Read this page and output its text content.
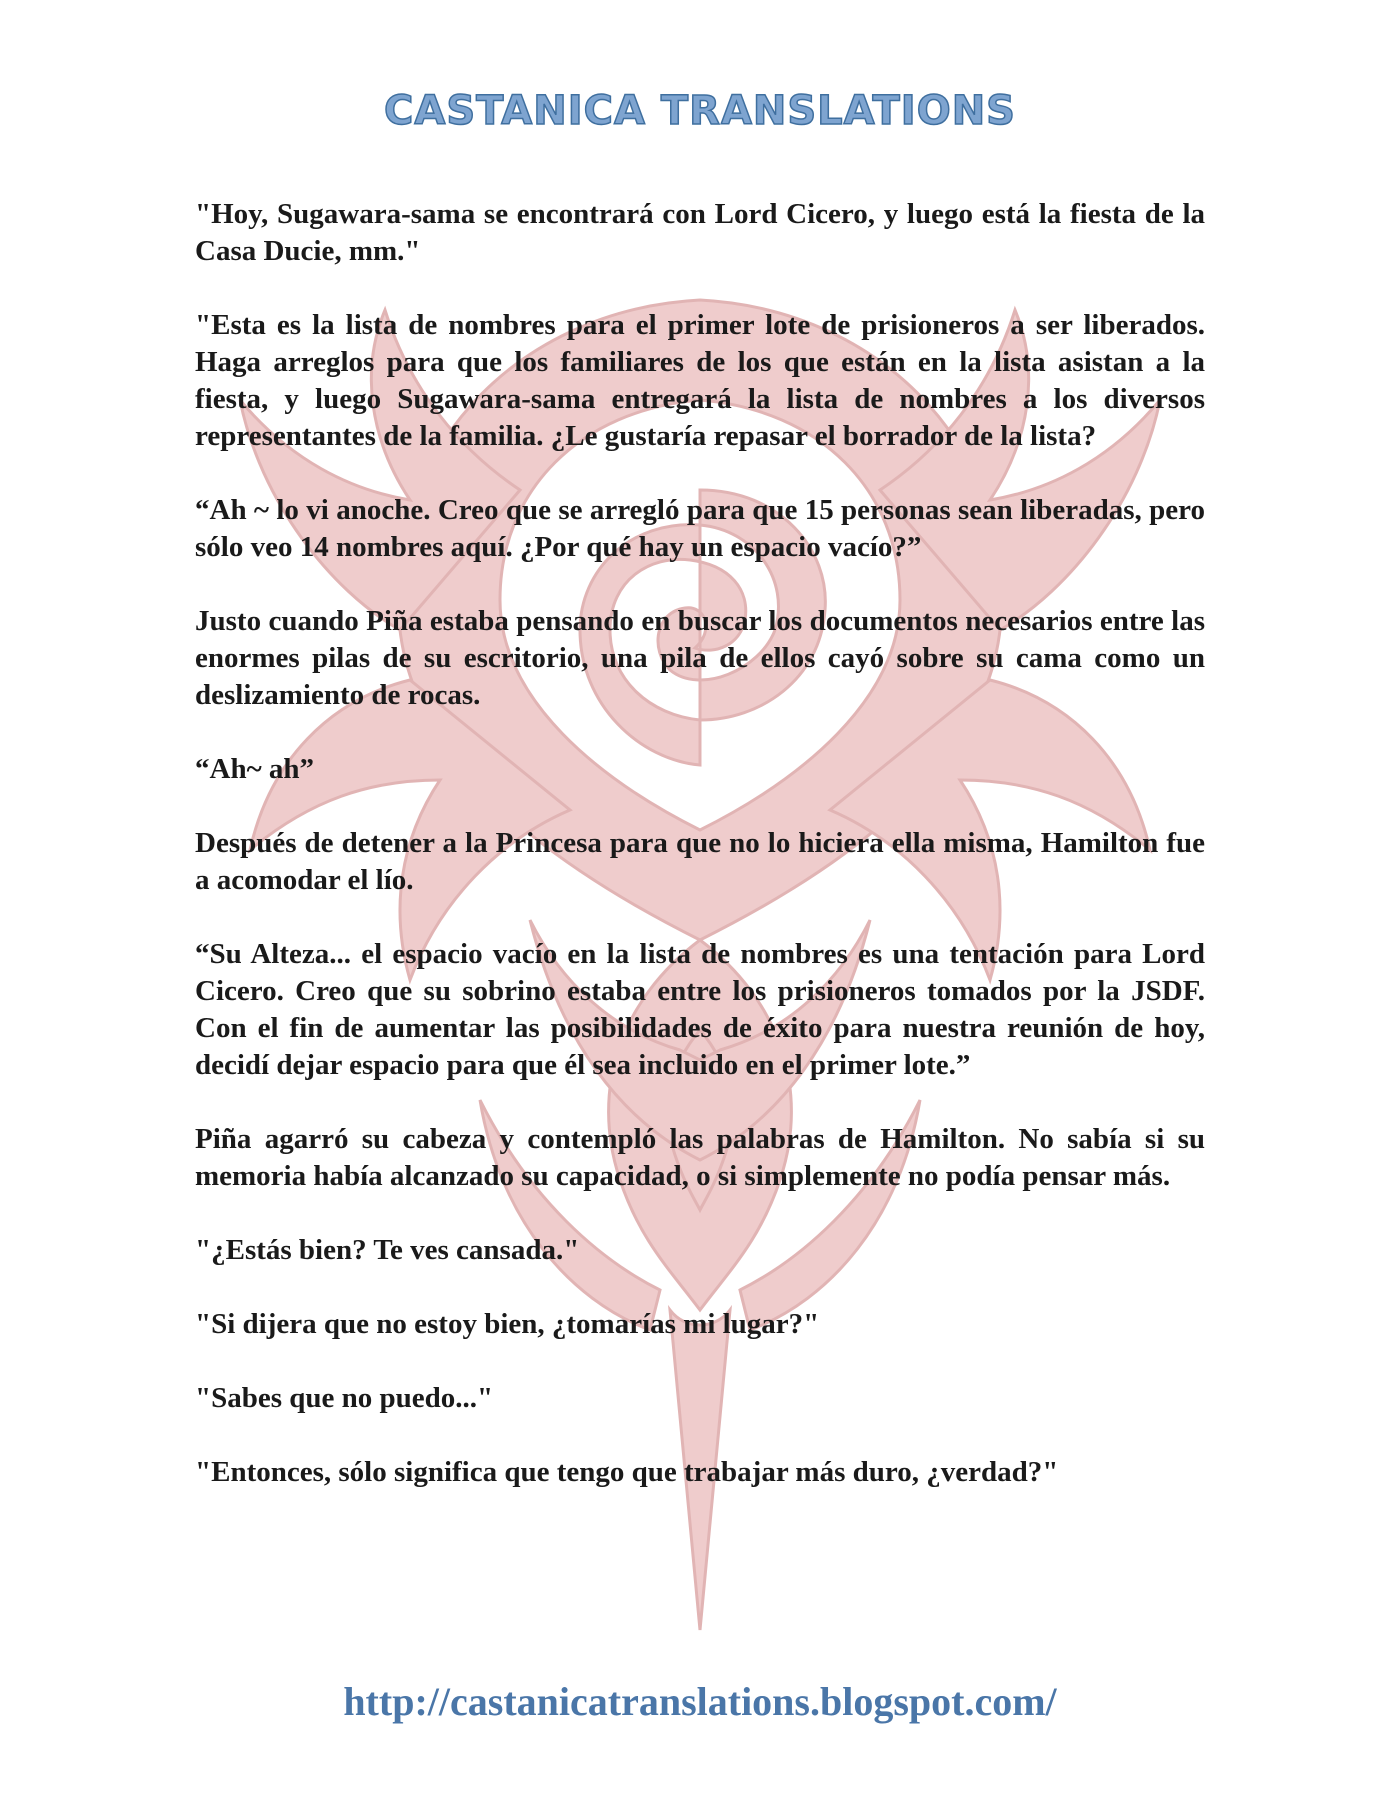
CASTANICA TRANSLATIONS

"Hoy, Sugawara-sama se encontrará con Lord Cicero, y luego está la fiesta de la Casa Ducie, mm."

"Esta es la lista de nombres para el primer lote de prisioneros a ser liberados. Haga arreglos para que los familiares de los que están en la lista asistan a la fiesta, y luego Sugawara-sama entregará la lista de nombres a los diversos representantes de la familia. ¿Le gustaría repasar el borrador de la lista?

“Ah ~ lo vi anoche. Creo que se arregló para que 15 personas sean liberadas, pero sólo veo 14 nombres aquí. ¿Por qué hay un espacio vacío?”

Justo cuando Piña estaba pensando en buscar los documentos necesarios entre las enormes pilas de su escritorio, una pila de ellos cayó sobre su cama como un deslizamiento de rocas.

“Ah~ ah”

Después de detener a la Princesa para que no lo hiciera ella misma, Hamilton fue a acomodar el lío.

“Su Alteza... el espacio vacío en la lista de nombres es una tentación para Lord Cicero. Creo que su sobrino estaba entre los prisioneros tomados por la JSDF. Con el fin de aumentar las posibilidades de éxito para nuestra reunión de hoy, decidí dejar espacio para que él sea incluido en el primer lote.”

Piña agarró su cabeza y contempló las palabras de Hamilton. No sabía si su memoria había alcanzado su capacidad, o si simplemente no podía pensar más.

"¿Estás bien? Te ves cansada."

"Si dijera que no estoy bien, ¿tomarías mi lugar?"

"Sabes que no puedo..."

"Entonces, sólo significa que tengo que trabajar más duro, ¿verdad?"

http://castanicatranslations.blogspot.com/
